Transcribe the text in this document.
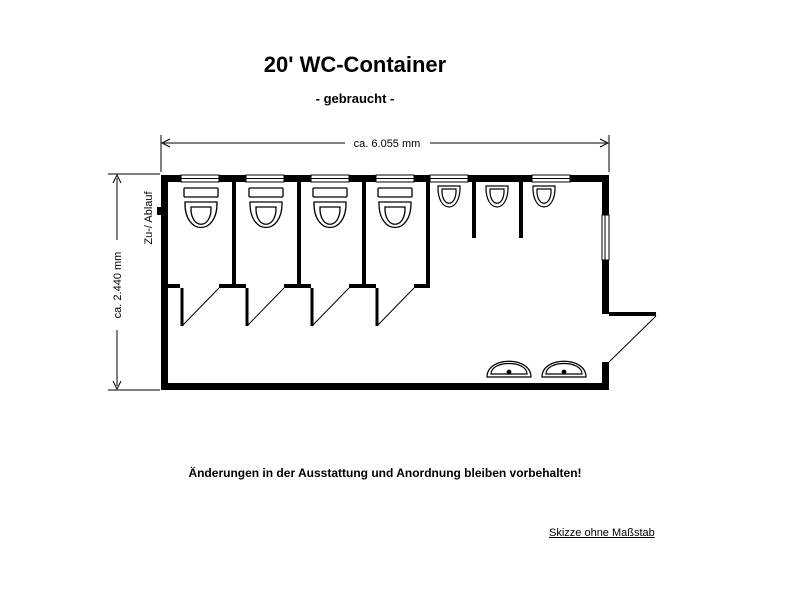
20' WC-Container
- gebraucht -
ca. 6.055 mm
ca. 2.440 mm
Zu-/ Ablauf
Änderungen in der Ausstattung und Anordnung bleiben vorbehalten!
Skizze ohne Maßstab
